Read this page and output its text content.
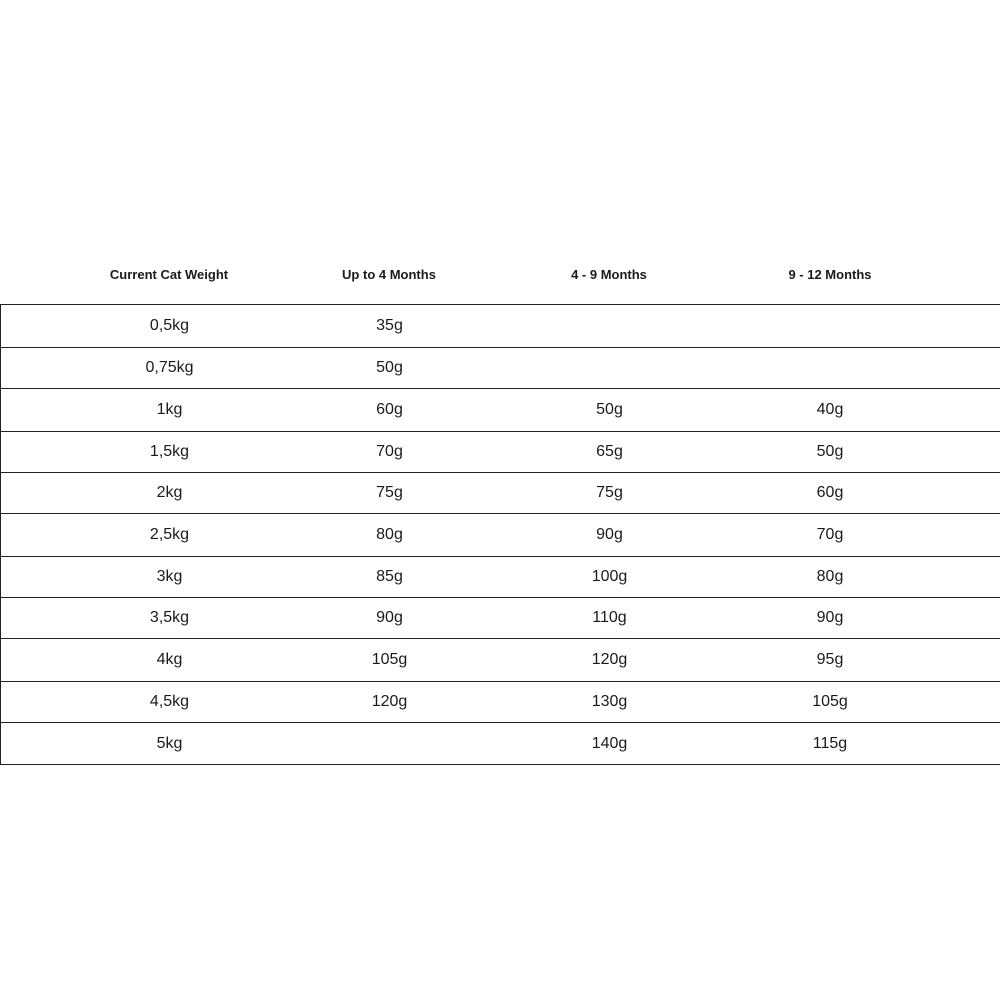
Current Cat Weight	Up to 4 Months	4 - 9 Months	9 - 12 Months
	0,5kg	35g			
	0,75kg	50g			
	1kg	60g	50g	40g	
	1,5kg	70g	65g	50g	
	2kg	75g	75g	60g	
	2,5kg	80g	90g	70g	
	3kg	85g	100g	80g	
	3,5kg	90g	110g	90g	
	4kg	105g	120g	95g	
	4,5kg	120g	130g	105g	
	5kg		140g	115g	
